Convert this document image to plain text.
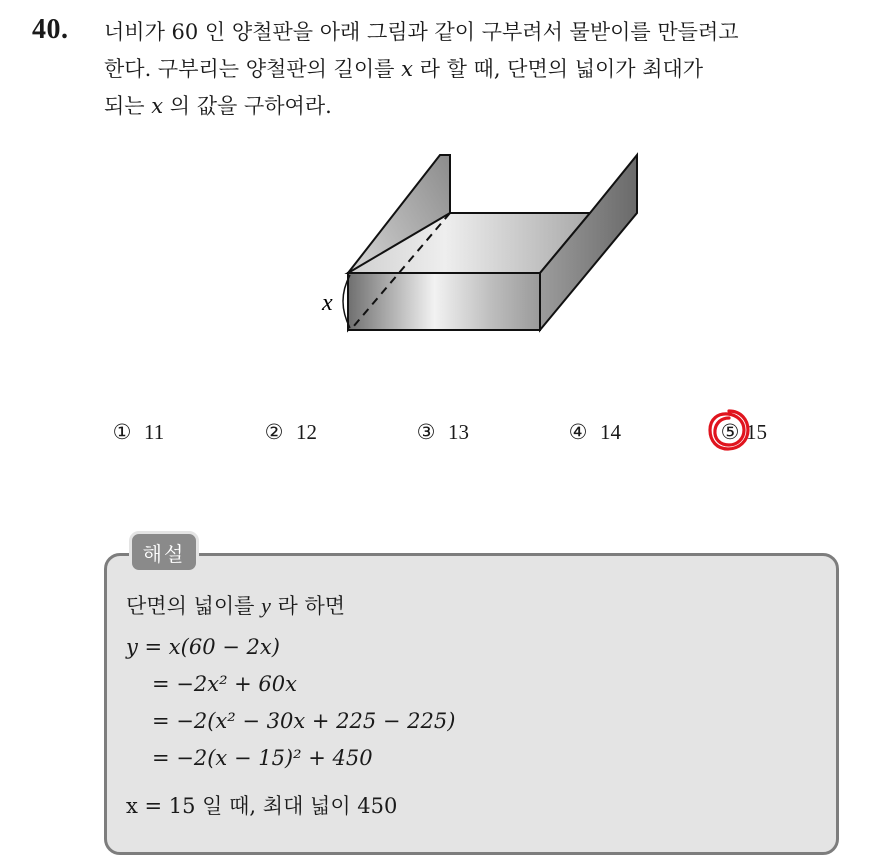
40. 너비가 60 인 양철판을 아래 그림과 같이 구부려서 물받이를 만들려고
한다. 구부리는 양철판의 길이를 x 라 할 때, 단면의 넓이가 최대가
되는 x 의 값을 구하여라.
x
① 11	② 12	③ 13	④ 14	⑤ 15
해설
단면의 넓이를 y 라 하면
y = x(60 − 2x)
= −2x² + 60x
= −2(x² − 30x + 225 − 225)
= −2(x − 15)² + 450
x = 15 일 때, 최대 넓이 450
